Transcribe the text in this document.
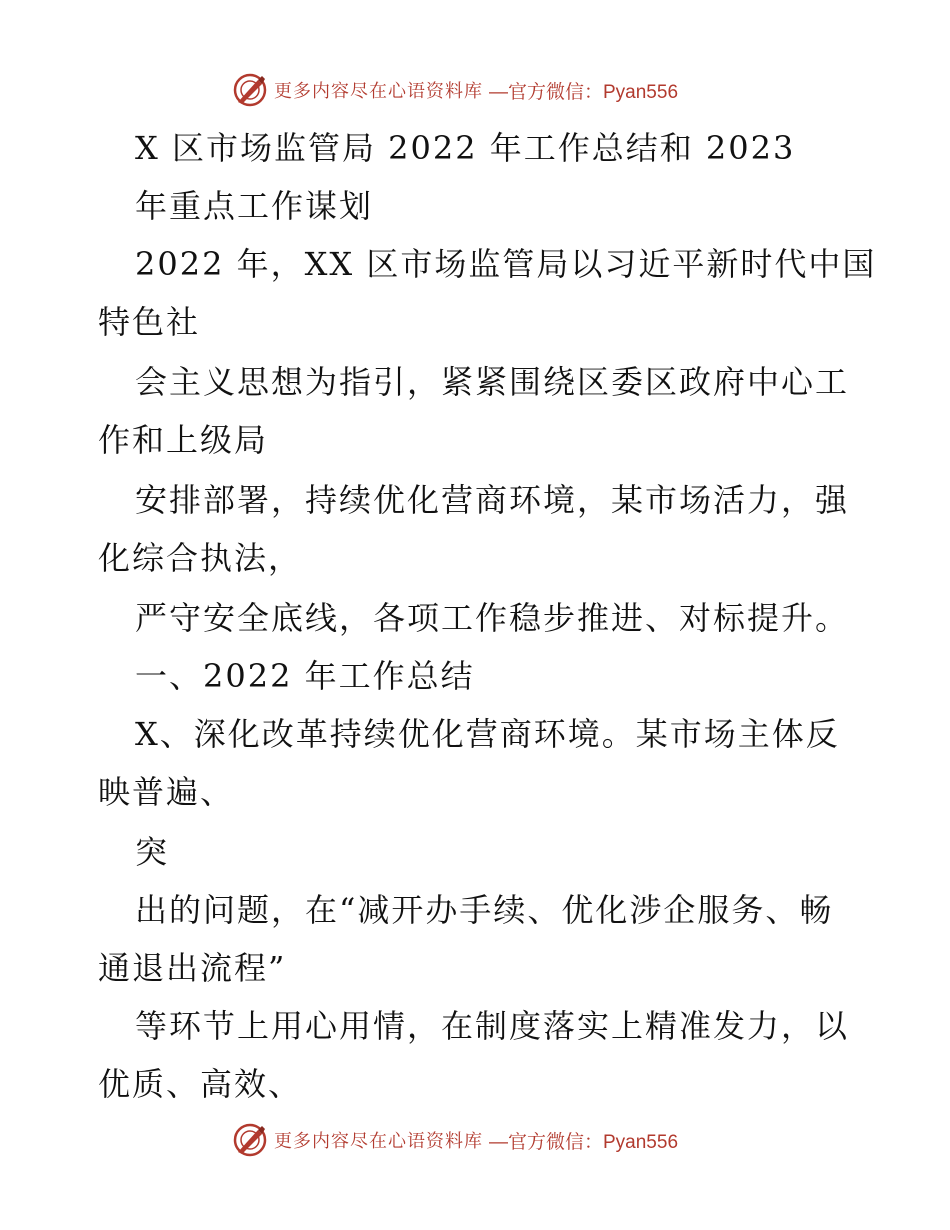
更多内容尽在心语资料库 —官方微信：Pyan556
X 区市场监管局 2022 年工作总结和 2023
年重点工作谋划
2022 年，XX 区市场监管局以习近平新时代中国
特色社
会主义思想为指引，紧紧围绕区委区政府中心工
作和上级局
安排部署，持续优化营商环境，某市场活力，强
化综合执法，
严守安全底线，各项工作稳步推进、对标提升。
一、2022 年工作总结
X、深化改革持续优化营商环境。某市场主体反
映普遍、
突
出的问题，在“减开办手续、优化涉企服务、畅
通退出流程”
等环节上用心用情，在制度落实上精准发力，以
优质、高效、
更多内容尽在心语资料库 —官方微信：Pyan556
